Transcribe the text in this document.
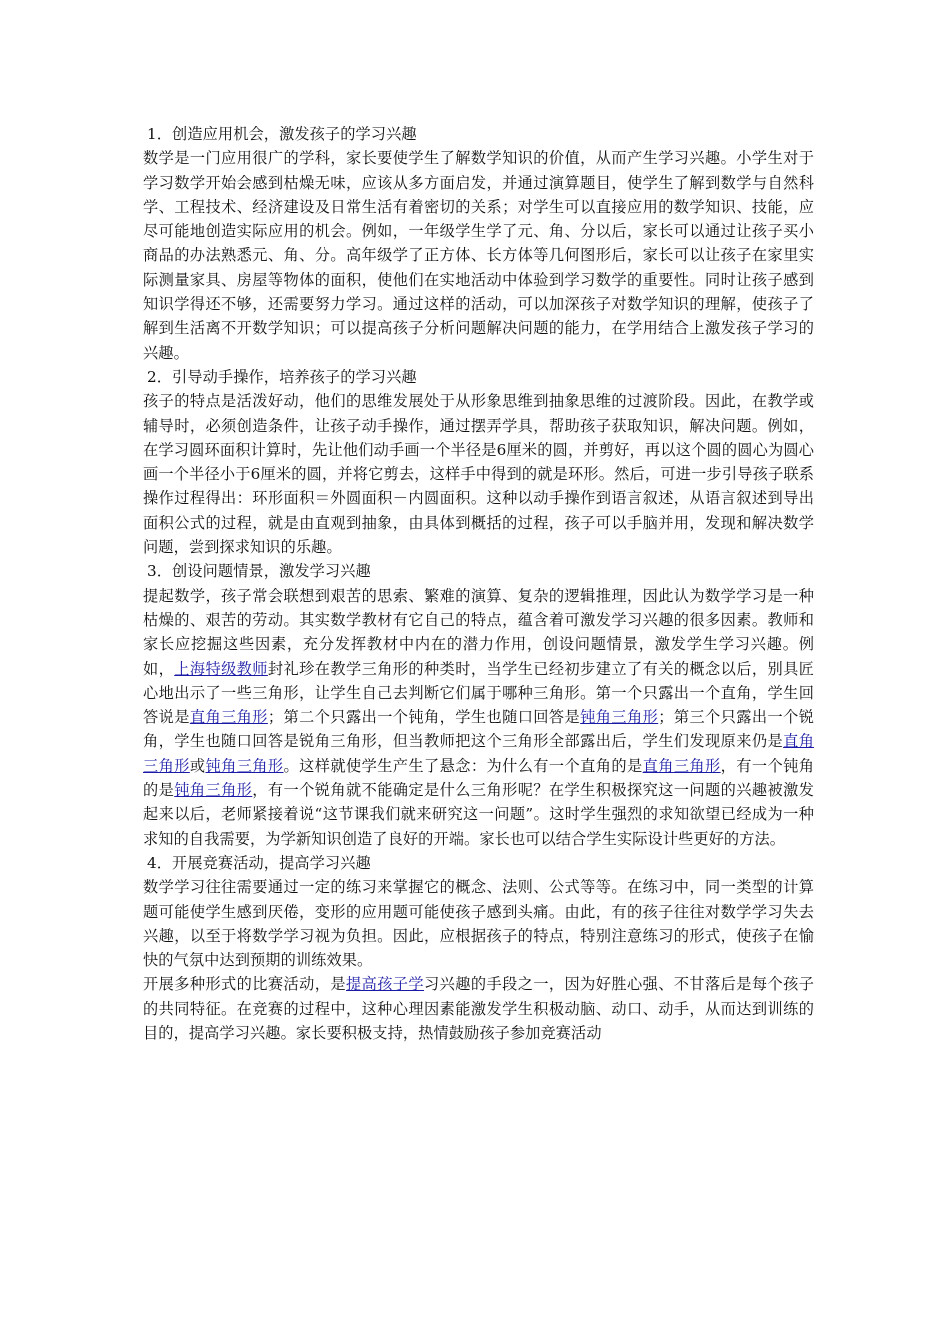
1．创造应用机会，激发孩子的学习兴趣

数学是一门应用很广的学科，家长要使学生了解数学知识的价值，从而产生学习兴趣。小学生对于学习数学开始会感到枯燥无味，应该从多方面启发，并通过演算题目，使学生了解到数学与自然科学、工程技术、经济建设及日常生活有着密切的关系；对学生可以直接应用的数学知识、技能，应尽可能地创造实际应用的机会。例如，一年级学生学了元、角、分以后，家长可以通过让孩子买小商品的办法熟悉元、角、分。高年级学了正方体、长方体等几何图形后，家长可以让孩子在家里实际测量家具、房屋等物体的面积，使他们在实地活动中体验到学习数学的重要性。同时让孩子感到知识学得还不够，还需要努力学习。通过这样的活动，可以加深孩子对数学知识的理解，使孩子了解到生活离不开数学知识；可以提高孩子分析问题解决问题的能力，在学用结合上激发孩子学习的兴趣。

2．引导动手操作，培养孩子的学习兴趣

孩子的特点是活泼好动，他们的思维发展处于从形象思维到抽象思维的过渡阶段。因此，在教学或辅导时，必须创造条件，让孩子动手操作，通过摆弄学具，帮助孩子获取知识，解决问题。例如，在学习圆环面积计算时，先让他们动手画一个半径是6厘米的圆，并剪好，再以这个圆的圆心为圆心画一个半径小于6厘米的圆，并将它剪去，这样手中得到的就是环形。然后，可进一步引导孩子联系操作过程得出：环形面积＝外圆面积－内圆面积。这种以动手操作到语言叙述，从语言叙述到导出面积公式的过程，就是由直观到抽象，由具体到概括的过程，孩子可以手脑并用，发现和解决数学问题，尝到探求知识的乐趣。

3．创设问题情景，激发学习兴趣

提起数学，孩子常会联想到艰苦的思索、繁难的演算、复杂的逻辑推理，因此认为数学学习是一种枯燥的、艰苦的劳动。其实数学教材有它自己的特点，蕴含着可激发学习兴趣的很多因素。教师和家长应挖掘这些因素，充分发挥教材中内在的潜力作用，创设问题情景，激发学生学习兴趣。例如，上海特级教师封礼珍在教学三角形的种类时，当学生已经初步建立了有关的概念以后，别具匠心地出示了一些三角形，让学生自己去判断它们属于哪种三角形。第一个只露出一个直角，学生回答说是直角三角形；第二个只露出一个钝角，学生也随口回答是钝角三角形；第三个只露出一个锐角，学生也随口回答是锐角三角形，但当教师把这个三角形全部露出后，学生们发现原来仍是直角三角形或钝角三角形。这样就使学生产生了悬念：为什么有一个直角的是直角三角形，有一个钝角的是钝角三角形，有一个锐角就不能确定是什么三角形呢？在学生积极探究这一问题的兴趣被激发起来以后，老师紧接着说“这节课我们就来研究这一问题”。这时学生强烈的求知欲望已经成为一种求知的自我需要，为学新知识创造了良好的开端。家长也可以结合学生实际设计些更好的方法。

4．开展竞赛活动，提高学习兴趣

数学学习往往需要通过一定的练习来掌握它的概念、法则、公式等等。在练习中，同一类型的计算题可能使学生感到厌倦，变形的应用题可能使孩子感到头痛。由此，有的孩子往往对数学学习失去兴趣，以至于将数学学习视为负担。因此，应根据孩子的特点，特别注意练习的形式，使孩子在愉快的气氛中达到预期的训练效果。

开展多种形式的比赛活动，是提高孩子学习兴趣的手段之一，因为好胜心强、不甘落后是每个孩子的共同特征。在竞赛的过程中，这种心理因素能激发学生积极动脑、动口、动手，从而达到训练的目的，提高学习兴趣。家长要积极支持，热情鼓励孩子参加竞赛活动
